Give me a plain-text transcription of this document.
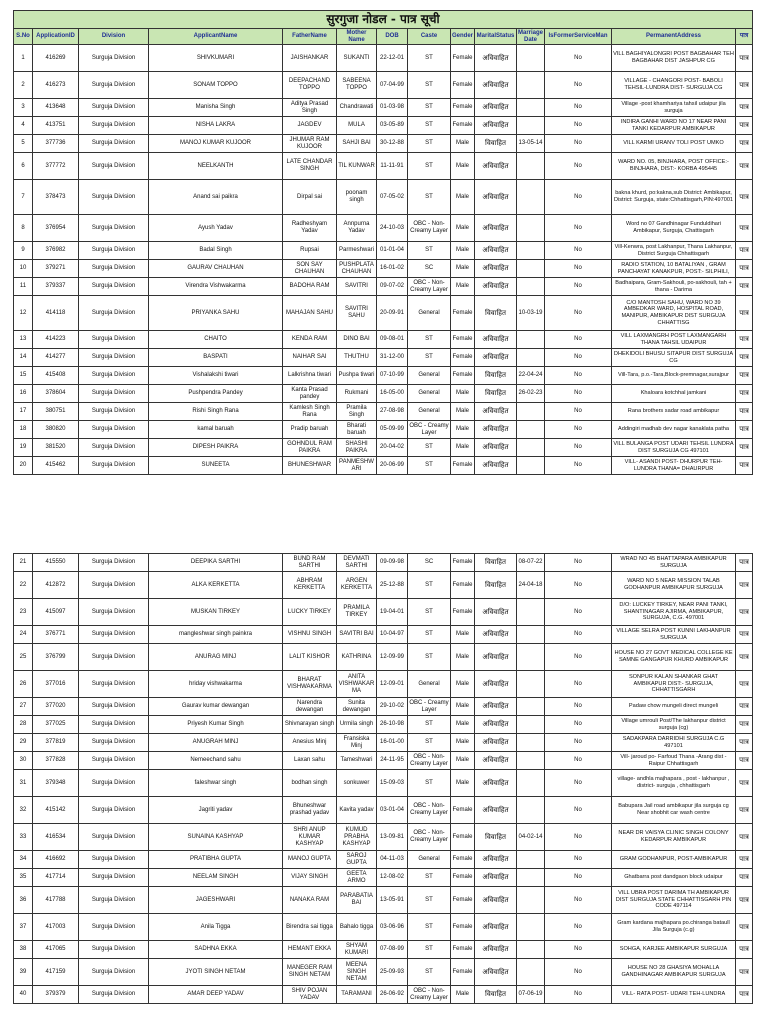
सुरगुजा नोडल - पात्र सूची													
S.No	ApplicationID	Division	ApplicantName	FatherName	Mother Name	DOB	Caste	Gender	MaritalStatus	Marriage Date	IsFormerServiceMan	PermanentAddress	पात्र
1	416269	Surguja Division	SHIVKUMARI	JAISHANKAR	SUKANTI	22-12-01	ST	Female	अविवाहित		No	VILL BAGHIYALONGRI POST BAGBAHAR TEH BAGBAHAR DIST JASHPUR CG	पात्र
2	416273	Surguja Division	SONAM TOPPO	DEEPACHAND TOPPO	SABEENA TOPPO	07-04-99	ST	Female	अविवाहित		No	VILLAGE - CHANGORI POST- BABOLI TEHSIL-LUNDRA DIST- SURGUJA CG	पात्र
3	413648	Surguja Division	Manisha Singh	Aditya Prasad Singh	Chandrawati	01-03-98	ST	Female	अविवाहित		No	Village -post khamhariya tahsil udaipur jila surguja	पात्र
4	413751	Surguja Division	NISHA LAKRA	JAGDEV	MULA	03-05-89	ST	Female	अविवाहित		No	INDIRA GANHI WARD NO 17 NEAR PANI TANKI KEDARPUR AMBIKAPUR	पात्र
5	377736	Surguja Division	MANOJ KUMAR KUJOOR	JHUMAR RAM KUJOOR	SAHJI BAI	30-12-88	ST	Male	विवाहित	13-05-14	No	VILL KARMI URANV TOLI POST UMKO	पात्र
6	377772	Surguja Division	NEELKANTH	LATE CHANDAR SINGH	TIL KUNWAR	11-11-91	ST	Male	अविवाहित		No	WARD NO. 05, BINJHARA, POST OFFICE:- BINJHARA, DIST:- KORBA 495445	पात्र
7	378473	Surguja Division	Anand sai paikra	Dirpal sai	poonam singh	07-05-02	ST	Male	अविवाहित		No	bakna khurd, po:kakna,sub District: Ambikapur, District: Surguja, state:Chhattisgarh,PIN:497001	पात्र
8	376954	Surguja Division	Ayush Yadav	Radheshyam Yadav	Annpurna Yadav	24-10-03	OBC - Non-Creamy Layer	Male	अविवाहित		No	Word no 07 Gandhinagar Funduldihari Ambikapur, Surguja, Chattisgarh	पात्र
9	376982	Surguja Division	Badal Singh	Rupsai	Parmeshwari	01-01-04	ST	Male	अविवाहित		No	Vill-Kenwra, post Lakhanpur, Thana Lakhanpur, District Surguja Chhattisgarh	पात्र
10	379271	Surguja Division	GAURAV CHAUHAN	SON SAY CHAUHAN	PUSHPLATA CHAUHAN	16-01-02	SC	Male	अविवाहित		No	RADIO STATION, 10 BATALIYAN , GRAM PANCHAYAT KANAKPUR, POST:- SILPHILI,	पात्र
11	379337	Surguja Division	Virendra Vishwakarma	BADOHA RAM	SAVITRI	09-07-02	OBC - Non-Creamy Layer	Male	अविवाहित		No	Badhaipara, Gram-Sakhouli, po-sakhouli, tah + thana - Darima	पात्र
12	414118	Surguja Division	PRIYANKA SAHU	MAHAJAN SAHU	SAVITRI SAHU	20-09-91	General	Female	विवाहित	10-03-19	No	C/O MANTOSH SAHU, WARD NO 39 AMBEDKAR WARD, HOSPITAL ROAD, MANIPUR, AMBIKAPUR DIST SURGUJA CHHATTISG	पात्र
13	414223	Surguja Division	CHAITO	KENDA RAM	DINO BAI	09-08-01	ST	Female	अविवाहित		No	VILL LAXMANGRH POST LAXMANGARH THANA TAHSIL UDAIPUR	पात्र
14	414277	Surguja Division	BASPATI	NAIHAR SAI	THUTHU	31-12-00	ST	Female	अविवाहित		No	DHEKIDOLI BHUSU SITAPUR DIST SURGUJA CG	पात्र
15	415408	Surguja Division	Vishalakshi tiwari	Lalkrishna tiwari	Pushpa tiwari	07-10-99	General	Female	विवाहित	22-04-24	No	Vill-Tara, p.o.-Tara,Block-premnagar,surajpur	पात्र
16	378604	Surguja Division	Pushpendra Pandey	Kanta Prasad pandey	Rukmani	16-05-00	General	Male	विवाहित	26-02-23	No	Khaloara kotchhal jamkani	पात्र
17	380751	Surguja Division	Rishi Singh Rana	Kamlesh Singh Rana	Pramila Singh	27-08-98	General	Male	अविवाहित		No	Rana brothers sadar road ambikapur	पात्र
18	380820	Surguja Division	kamal baruah	Pradip baruah	Bharati baruah	05-09-99	OBC - Creamy Layer	Male	अविवाहित		No	Addingiri madhab dev nagar kanaklata patha	पात्र
19	381520	Surguja Division	DIPESH PAIKRA	GOHNDUL RAM PAIKRA	SHASHI PAIKRA	20-04-02	ST	Male	अविवाहित		No	VILL BULANGA POST UDARI TEHSIL LUNDRA DIST SURGUJA CG 497101	पात्र
20	415462	Surguja Division	SUNEETA	BHUNESHWAR	PANMESHWARI	20-06-99	ST	Female	अविवाहित		No	VILL- ASANDI POST- DHURPUR TEH- LUNDRA THANA= DHAURPUR	पात्र
21	415550	Surguja Division	DEEPIKA SARTHI	BUND RAM SARTHI	DEVMATI SARTHI	09-09-98	SC	Female	विवाहित	08-07-22	No	WRAD NO 45 BHATTAPARA AMBIKAPUR SURGUJA	पात्र
22	412872	Surguja Division	ALKA KERKETTA	ABHRAM KERKETTA	ARGEN KERKETTA	25-12-88	ST	Female	विवाहित	24-04-18	No	WARD NO 5 NEAR MISSION TALAB GODHANPUR AMBIKAPUR SURGUJA	पात्र
23	415097	Surguja Division	MUSKAN TIRKEY	LUCKY TIRKEY	PRAMILA TIRKEY	19-04-01	ST	Female	अविवाहित		No	D/O: LUCKEY TIRKEY, NEAR PANI TANKI, SHANTINAGAR AJIRMA, AMBIKAPUR, SURGUJA, C.G. 497001	पात्र
24	376771	Surguja Division	mangleshwar singh painkra	VISHNU SINGH	SAVITRI BAI	10-04-97	ST	Male	अविवाहित		No	VILLAGE SELRA POST KUNNI LAKHANPUR SURGUJA	पात्र
25	376799	Surguja Division	ANURAG MINJ	LALIT KISHOR	KATHRINA	12-09-99	ST	Male	अविवाहित		No	HOUSE NO 27 GOVT MEDICAL COLLEGE KE SAMNE GANGAPUR KHURD AMBIKAPUR	पात्र
26	377016	Surguja Division	hriday vishwakarma	BHARAT VISHWAKARMA	ANITA VISHWAKARMA	12-09-01	General	Male	अविवाहित		No	SONPUR KALAN SHANKAR GHAT AMBIKAPUR DIST:- SURGUJA, CHHATTISGARH	पात्र
27	377020	Surguja Division	Gaurav kumar dewangan	Narendra dewangan	Sunita dewangan	29-10-02	OBC - Creamy Layer	Male	अविवाहित		No	Padaw chow mungeli direct mungeli	पात्र
28	377025	Surguja Division	Priyesh Kumar Singh	Shivnarayan singh	Urmila singh	26-10-98	ST	Male	अविवाहित		No	Village umrouli Post/The lakhanpur district surguja (cg)	पात्र
29	377819	Surguja Division	ANUGRAH MINJ	Anesius Minj	Fransiska Minj	16-01-00	ST	Male	अविवाहित		No	SADAKPARA DARRIDHI SURGUJA C.G 497101	पात्र
30	377828	Surguja Division	Nemeechand sahu	Laxan sahu	Tameshwari	24-11-95	OBC - Non-Creamy Layer	Male	अविवाहित		No	Vill- jaroud po- Farfoud Thana -Arang dist - Raipur Chhattisgarh	पात्र
31	379348	Surguja Division	faleshwar singh	bodhan singh	sonkuwer	15-09-03	ST	Male	अविवाहित		No	village- andhla majhapara , post - lakhanpur , district- surguja , chhattisgarh	पात्र
32	415142	Surguja Division	Jagriti yadav	Bhuneshwar prashad yadav	Kavita yadav	03-01-04	OBC - Non-Creamy Layer	Female	अविवाहित		No	Babupara Jail road ambikapur jila surguja cg Near shobhit car wash centre	पात्र
33	416534	Surguja Division	SUNAINA KASHYAP	SHRI ANUP KUMAR KASHYAP	KUMUD PRABHA KASHYAP	13-09-81	OBC - Non-Creamy Layer	Female	विवाहित	04-02-14	No	NEAR DR VAISYA CLINIC SINGH COLONY KEDARPUR AMBIKAPUR	पात्र
34	416692	Surguja Division	PRATIBHA GUPTA	MANOJ GUPTA	SAROJ GUPTA	04-11-03	General	Female	अविवाहित		No	GRAM GODHANPUR, POST-AMBIKAPUR	पात्र
35	417714	Surguja Division	NEELAM SINGH	VIJAY SINGH	GEETA ARMO	12-08-02	ST	Female	अविवाहित		No	Ghatbarra post dandgaon block udaipur	पात्र
36	417788	Surguja Division	JAGESHWARI	NANAKA RAM	PARABATIA BAI	13-05-91	ST	Female	अविवाहित		No	VILL UBRA POST DARIMA TH AMBIKAPUR DIST SURGUJA STATE CHHATTISGARH PIN CODE 497114	पात्र
37	417003	Surguja Division	Anila Tigga	Birendra sai tigga	Bahalo tigga	03-06-96	ST	Female	अविवाहित		No	Gram kardana majhapara po.chiranga bataull Jila Surguja (c.g)	पात्र
38	417065	Surguja Division	SADHNA EKKA	HEMANT EKKA	SHYAM KUMARI	07-08-99	ST	Female	अविवाहित		No	SOHGA, KARJEE AMBIKAPUR SURGUJA	पात्र
39	417159	Surguja Division	JYOTI SINGH NETAM	MANEGER RAM SINGH NETAM	MEENA SINGH NETAM	25-09-93	ST	Female	अविवाहित		No	HOUSE NO 28 GHASIYA MOHALLA GANDHINAGAR AMBIKAPUR SURGUJA	पात्र
40	379379	Surguja Division	AMAR DEEP YADAV	SHIV POJAN YADAV	TARAMANI	26-06-92	OBC - Non-Creamy Layer	Male	विवाहित	07-06-19	No	VILL- RATA POST- UDARI TEH-LUNDRA	पात्र
